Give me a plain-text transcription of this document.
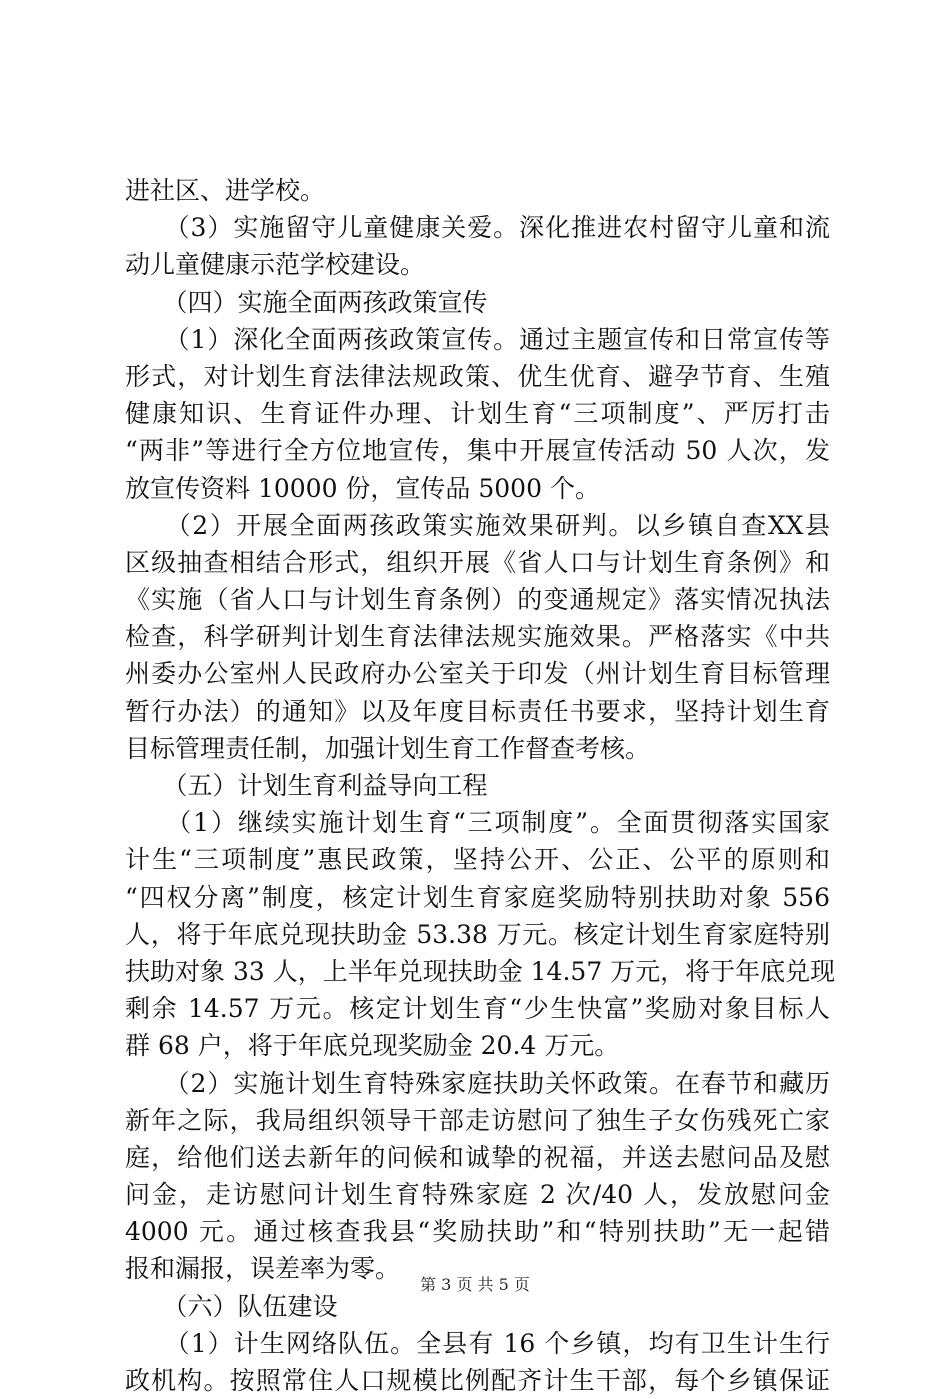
进社区、进学校。
　　（3）实施留守儿童健康关爱。深化推进农村留守儿童和流
动儿童健康示范学校建设。
　　（四）实施全面两孩政策宣传
　　（1）深化全面两孩政策宣传。通过主题宣传和日常宣传等
形式，对计划生育法律法规政策、优生优育、避孕节育、生殖
健康知识、生育证件办理、计划生育“三项制度”、严厉打击
“两非”等进行全方位地宣传，集中开展宣传活动 50 人次，发
放宣传资料 10000 份，宣传品 5000 个。
　　（2）开展全面两孩政策实施效果研判。以乡镇自查XX县
区级抽查相结合形式，组织开展《省人口与计划生育条例》和
《实施（省人口与计划生育条例）的变通规定》落实情况执法
检查，科学研判计划生育法律法规实施效果。严格落实《中共
州委办公室州人民政府办公室关于印发（州计划生育目标管理
暂行办法）的通知》以及年度目标责任书要求，坚持计划生育
目标管理责任制，加强计划生育工作督查考核。
　　（五）计划生育利益导向工程
　　（1）继续实施计划生育“三项制度”。全面贯彻落实国家
计生“三项制度”惠民政策，坚持公开、公正、公平的原则和
“四权分离”制度，核定计划生育家庭奖励特别扶助对象 556
人，将于年底兑现扶助金 53.38 万元。核定计划生育家庭特别
扶助对象 33 人，上半年兑现扶助金 14.57 万元，将于年底兑现
剩余 14.57 万元。核定计划生育“少生快富”奖励对象目标人
群 68 户，将于年底兑现奖励金 20.4 万元。
　　（2）实施计划生育特殊家庭扶助关怀政策。在春节和藏历
新年之际，我局组织领导干部走访慰问了独生子女伤残死亡家
庭，给他们送去新年的问候和诚挚的祝福，并送去慰问品及慰
问金，走访慰问计划生育特殊家庭 2 次/40 人，发放慰问金
4000 元。通过核查我县“奖励扶助”和“特别扶助”无一起错
报和漏报，误差率为零。
　　（六）队伍建设
　　（1）计生网络队伍。全县有 16 个乡镇，均有卫生计生行
政机构。按照常住人口规模比例配齐计生干部，每个乡镇保证
第 3 页 共 5 页
